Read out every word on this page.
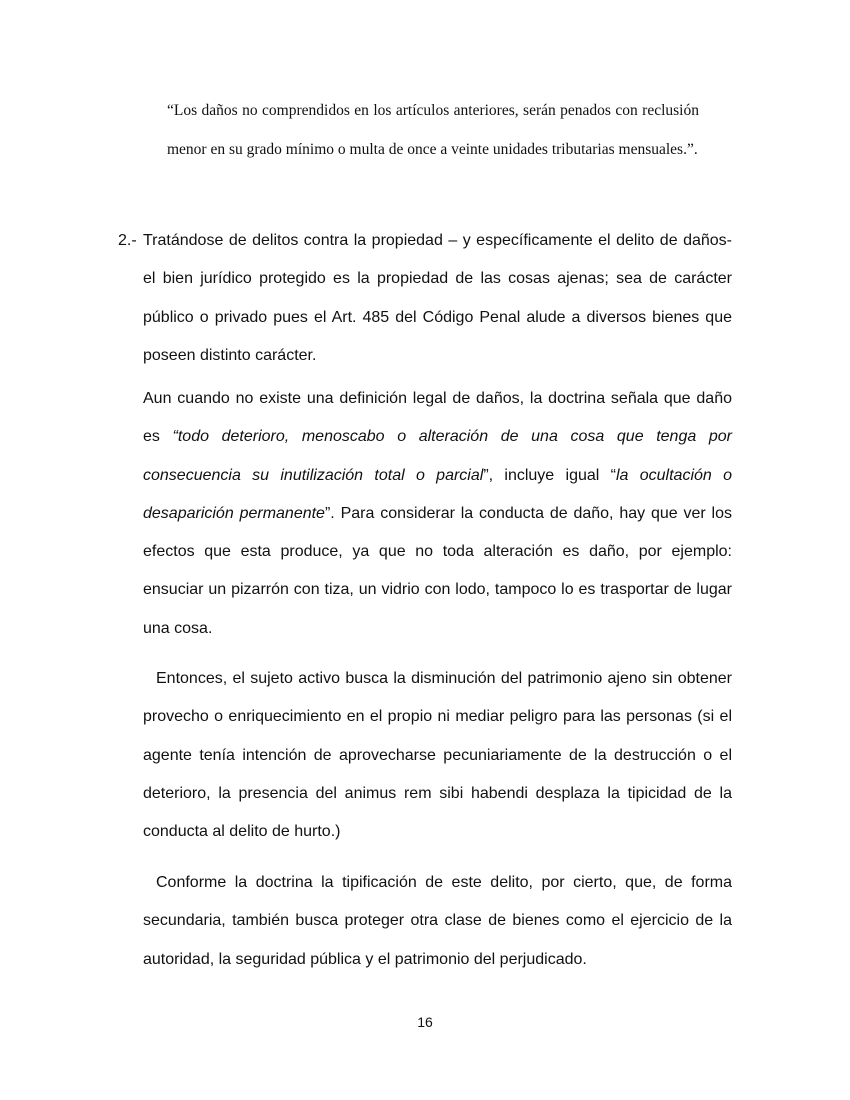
“Los daños no comprendidos en los artículos anteriores, serán penados con reclusión menor en su grado mínimo o multa de once a veinte unidades tributarias mensuales.”.
2.- Tratándose de delitos contra la propiedad – y específicamente el delito de daños- el bien jurídico protegido es la propiedad de las cosas ajenas; sea de carácter público o privado pues el Art. 485 del Código Penal alude a diversos bienes que poseen distinto carácter.
Aun cuando no existe una definición legal de daños, la doctrina señala que daño es “todo deterioro, menoscabo o alteración de una cosa que tenga por consecuencia su inutilización total o parcial”, incluye igual “la ocultación o desaparición permanente”. Para considerar la conducta de daño, hay que ver los efectos que esta produce, ya que no toda alteración es daño, por ejemplo: ensuciar un pizarrón con tiza, un vidrio con lodo, tampoco lo es trasportar de lugar una cosa.
Entonces, el sujeto activo busca la disminución del patrimonio ajeno sin obtener provecho o enriquecimiento en el propio ni mediar peligro para las personas (si el agente tenía intención de aprovecharse pecuniariamente de la destrucción o el deterioro, la presencia del animus rem sibi habendi desplaza la tipicidad de la conducta al delito de hurto.)
Conforme la doctrina la tipificación de este delito, por cierto, que, de forma secundaria, también busca proteger otra clase de bienes como el ejercicio de la autoridad, la seguridad pública y el patrimonio del perjudicado.
16
